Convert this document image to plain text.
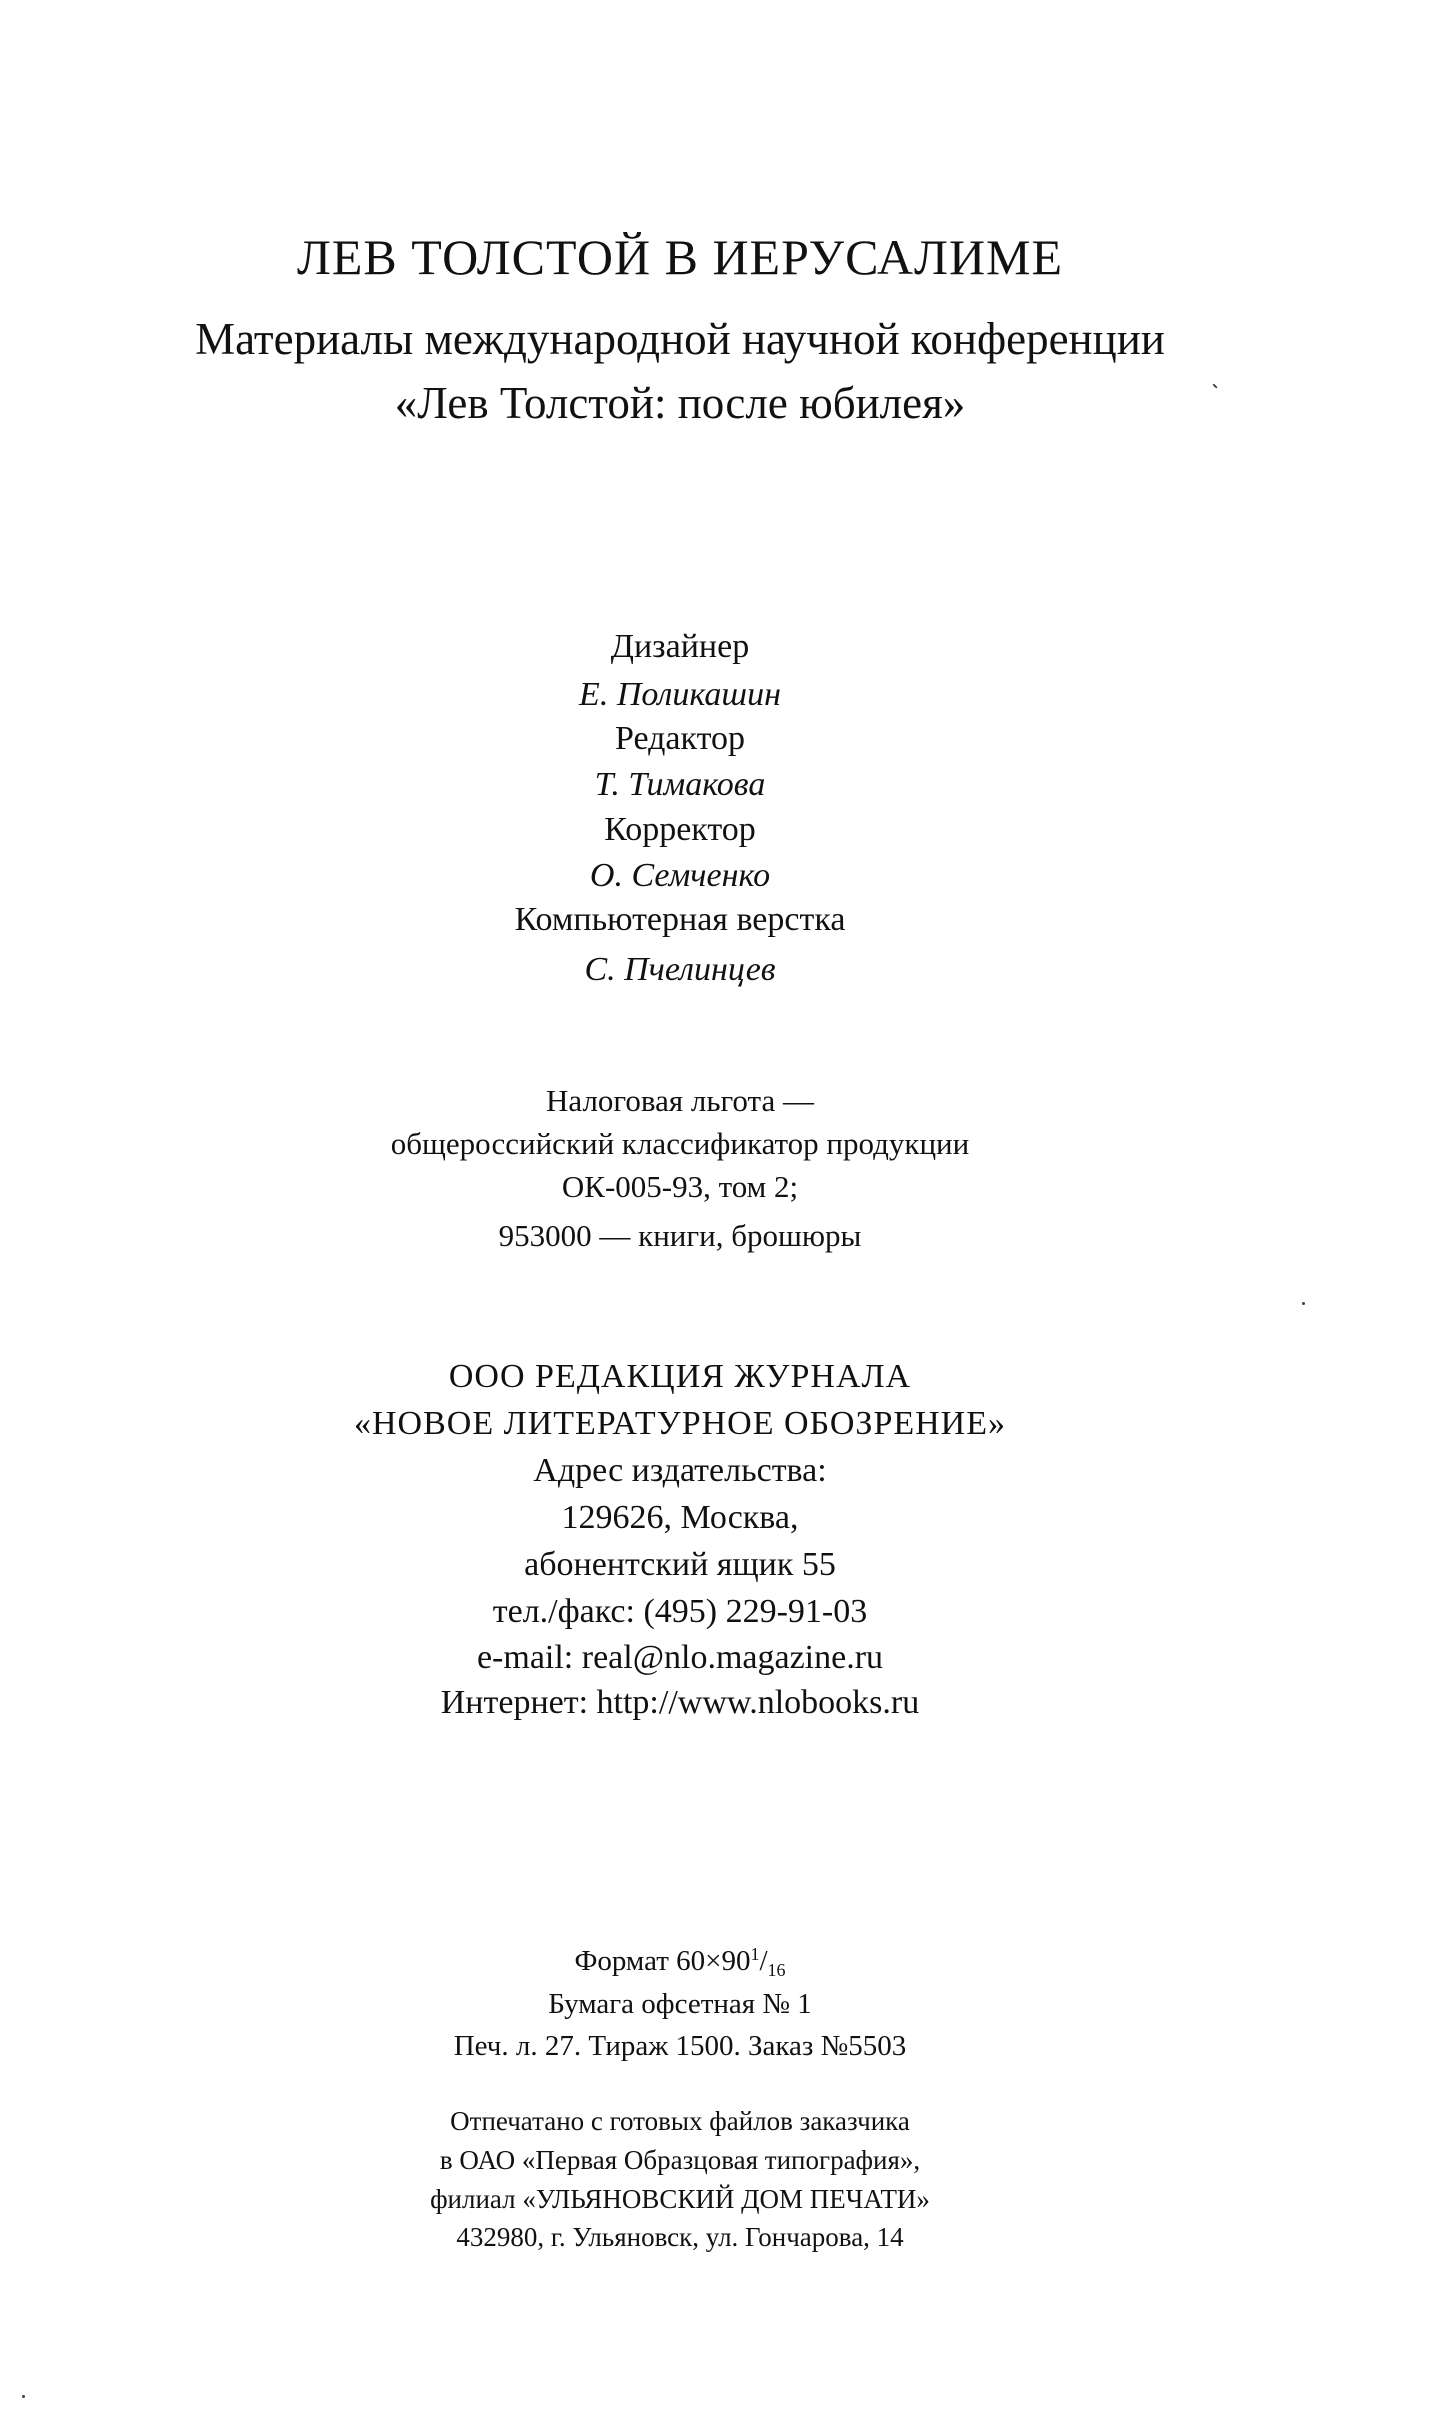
ЛЕВ ТОЛСТОЙ В ИЕРУСАЛИМЕ
Материалы международной научной конференции
«Лев Толстой: после юбилея»
Дизайнер
Е. Поликашин
Редактор
Т. Тимакова
Корректор
О. Семченко
Компьютерная верстка
С. Пчелинцев
Налоговая льгота —
общероссийский классификатор продукции
ОК-005-93, том 2;
953000 — книги, брошюры
ООО РЕДАКЦИЯ ЖУРНАЛА
«НОВОЕ ЛИТЕРАТУРНОЕ ОБОЗРЕНИЕ»
Адрес издательства:
129626, Москва,
абонентский ящик 55
тел./факс: (495) 229-91-03
e-mail: real@nlo.magazine.ru
Интернет: http://www.nlobooks.ru
Формат $60\times 90^1/_{16}$
Бумага офсетная № 1
Печ. л. 27. Тираж 1500. Заказ №5503
Отпечатано с готовых файлов заказчика
в ОАО «Первая Образцовая типография»,
филиал «УЛЬЯНОВСКИЙ ДОМ ПЕЧАТИ»
432980, г. Ульяновск, ул. Гончарова, 14
